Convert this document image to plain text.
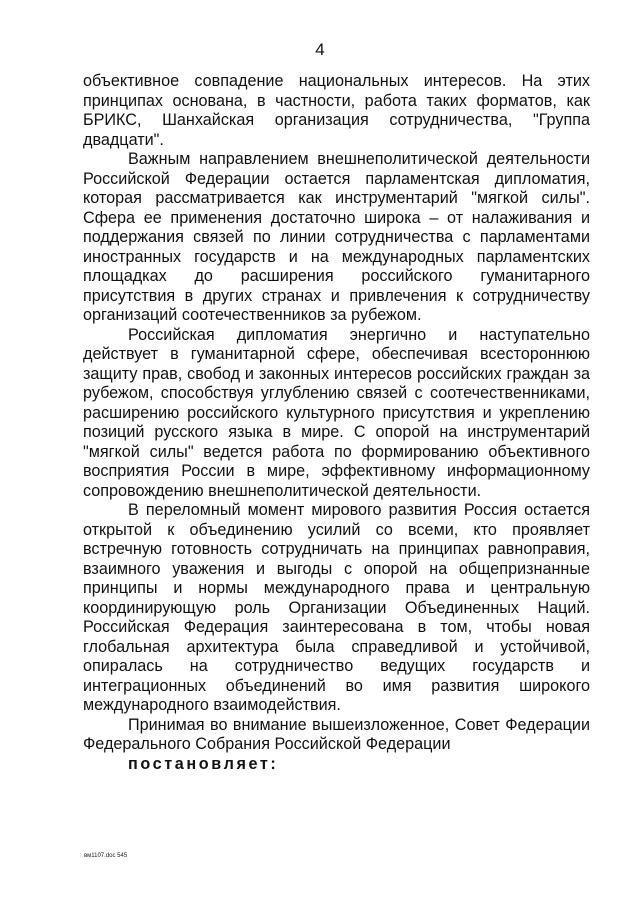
4

объективное совпадение национальных интересов. На этих принципах основана, в частности, работа таких форматов, как БРИКС, Шанхайская организация сотрудничества, "Группа двадцати".

Важным направлением внешнеполитической деятельности Российской Федерации остается парламентская дипломатия, которая рассматривается как инструментарий "мягкой силы". Сфера ее применения достаточно широка – от налаживания и поддержания связей по линии сотрудничества с парламентами иностранных государств и на международных парламентских площадках до расширения российского гуманитарного присутствия в других странах и привлечения к сотрудничеству организаций соотечественников за рубежом.

Российская дипломатия энергично и наступательно действует в гуманитарной сфере, обеспечивая всестороннюю защиту прав, свобод и законных интересов российских граждан за рубежом, способствуя углублению связей с соотечественниками, расширению российского культурного присутствия и укреплению позиций русского языка в мире. С опорой на инструментарий "мягкой силы" ведется работа по формированию объективного восприятия России в мире, эффективному информационному сопровождению внешнеполитической деятельности.

В переломный момент мирового развития Россия остается открытой к объединению усилий со всеми, кто проявляет встречную готовность сотрудничать на принципах равноправия, взаимного уважения и выгоды с опорой на общепризнанные принципы и нормы международного права и центральную координирующую роль Организации Объединенных Наций. Российская Федерация заинтересована в том, чтобы новая глобальная архитектура была справедливой и устойчивой, опиралась на сотрудничество ведущих государств и интеграционных объединений во имя развития широкого международного взаимодействия.

Принимая во внимание вышеизложенное, Совет Федерации Федерального Собрания Российской Федерации
постановляет:

вм1107.doc 545
